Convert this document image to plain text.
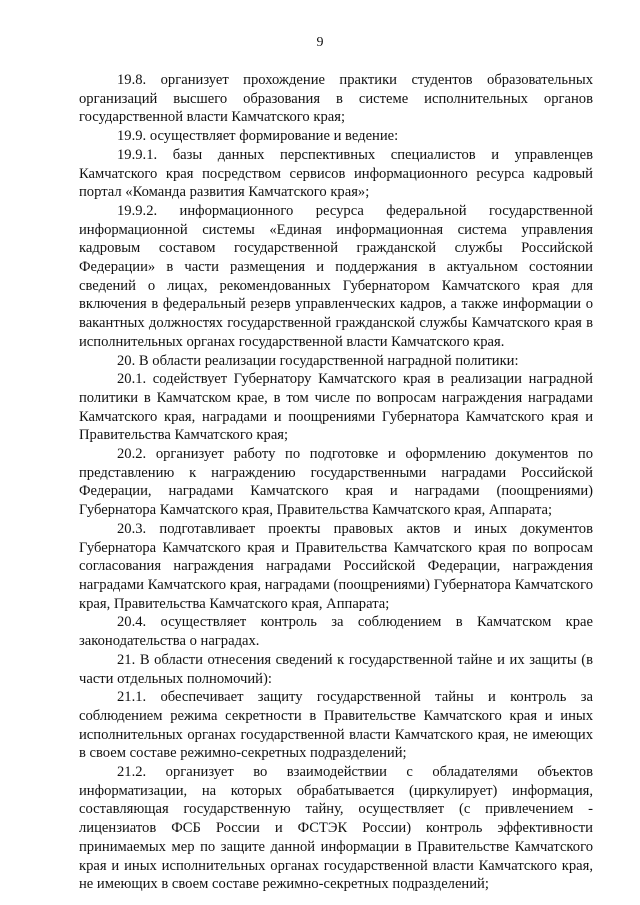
9

19.8. организует прохождение практики студентов образовательных организаций высшего образования в системе исполнительных органов государственной власти Камчатского края;

19.9. осуществляет формирование и ведение:

19.9.1. базы данных перспективных специалистов и управленцев Камчатского края посредством сервисов информационного ресурса кадровый портал «Команда развития Камчатского края»;

19.9.2. информационного ресурса федеральной государственной информационной системы «Единая информационная система управления кадровым составом государственной гражданской службы Российской Федерации» в части размещения и поддержания в актуальном состоянии сведений о лицах, рекомендованных Губернатором Камчатского края для включения в федеральный резерв управленческих кадров, а также информации о вакантных должностях государственной гражданской службы Камчатского края в исполнительных органах государственной власти Камчатского края.

20. В области реализации государственной наградной политики:

20.1. содействует Губернатору Камчатского края в реализации наградной политики в Камчатском крае, в том числе по вопросам награждения наградами Камчатского края, наградами и поощрениями Губернатора Камчатского края и Правительства Камчатского края;

20.2. организует работу по подготовке и оформлению документов по представлению к награждению государственными наградами Российской Федерации, наградами Камчатского края и наградами (поощрениями) Губернатора Камчатского края, Правительства Камчатского края, Аппарата;

20.3. подготавливает проекты правовых актов и иных документов Губернатора Камчатского края и Правительства Камчатского края по вопросам согласования награждения наградами Российской Федерации, награждения наградами Камчатского края, наградами (поощрениями) Губернатора Камчатского края, Правительства Камчатского края, Аппарата;

20.4. осуществляет контроль за соблюдением в Камчатском крае законодательства о наградах.

21. В области отнесения сведений к государственной тайне и их защиты (в части отдельных полномочий):

21.1. обеспечивает защиту государственной тайны и контроль за соблюдением режима секретности в Правительстве Камчатского края и иных исполнительных органах государственной власти Камчатского края, не имеющих в своем составе режимно-секретных подразделений;

21.2. организует во взаимодействии с обладателями объектов информатизации, на которых обрабатывается (циркулирует) информация, составляющая государственную тайну, осуществляет (с привлечением - лицензиатов ФСБ России и ФСТЭК России) контроль эффективности принимаемых мер по защите данной информации в Правительстве Камчатского края и иных исполнительных органах государственной власти Камчатского края, не имеющих в своем составе режимно-секретных подразделений;
